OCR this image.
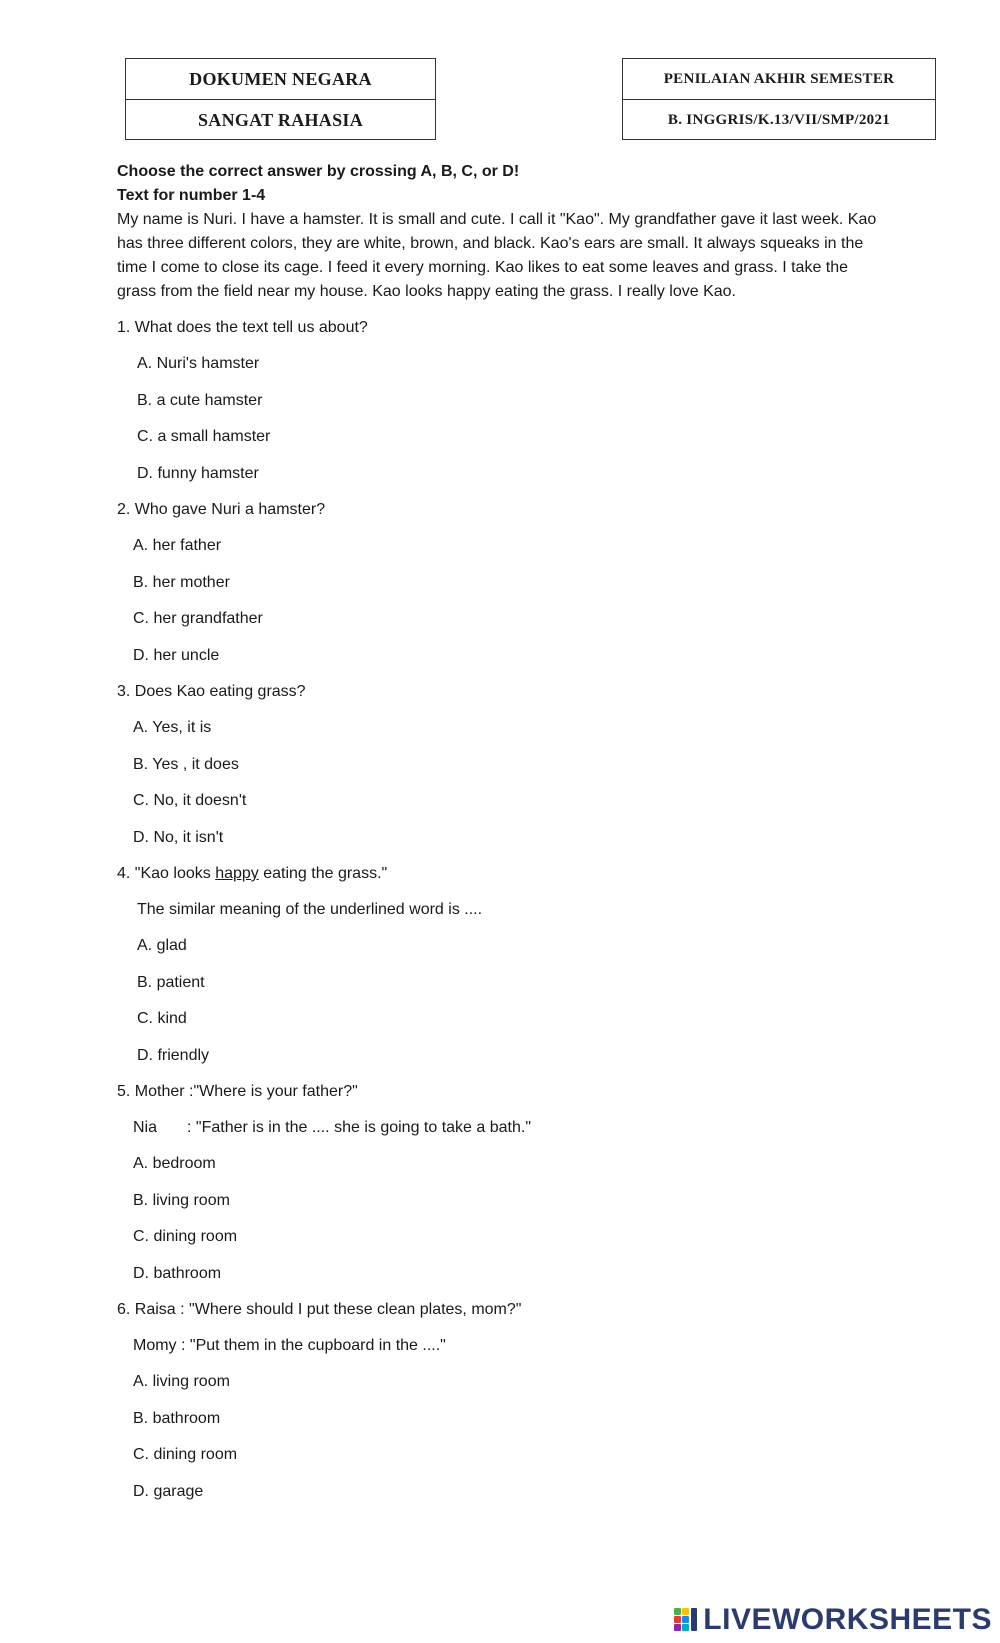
DOKUMEN NEGARA
SANGAT RAHASIA
PENILAIAN AKHIR SEMESTER
B. INGGRIS/K.13/VII/SMP/2021
Choose the correct answer by crossing A, B, C, or D!
Text for number 1-4

My name is Nuri. I have a hamster. It is small and cute. I call it "Kao". My grandfather gave it last week. Kao has three different colors, they are white, brown, and black. Kao's ears are small. It always squeaks in the time I come to close its cage. I feed it every morning. Kao likes to eat some leaves and grass. I take the grass from the field near my house. Kao looks happy eating the grass. I really love Kao.

1. What does the text tell us about?
A. Nuri's hamster
B. a cute hamster
C. a small hamster
D. funny hamster
2. Who gave Nuri a hamster?
A. her father
B. her mother
C. her grandfather
D. her uncle
3. Does Kao eating grass?
A. Yes, it is
B. Yes , it does
C. No, it doesn't
D. No, it isn't
4. "Kao looks happy eating the grass."
The similar meaning of the underlined word is ....
A. glad
B. patient
C. kind
D. friendly
5. Mother :"Where is your father?"
Nia : "Father is in the .... she is going to take a bath."
A. bedroom
B. living room
C. dining room
D. bathroom
6. Raisa : "Where should I put these clean plates, mom?"
Momy : "Put them in the cupboard in the ...."
A. living room
B. bathroom
C. dining room
D. garage
LIVEWORKSHEETS
